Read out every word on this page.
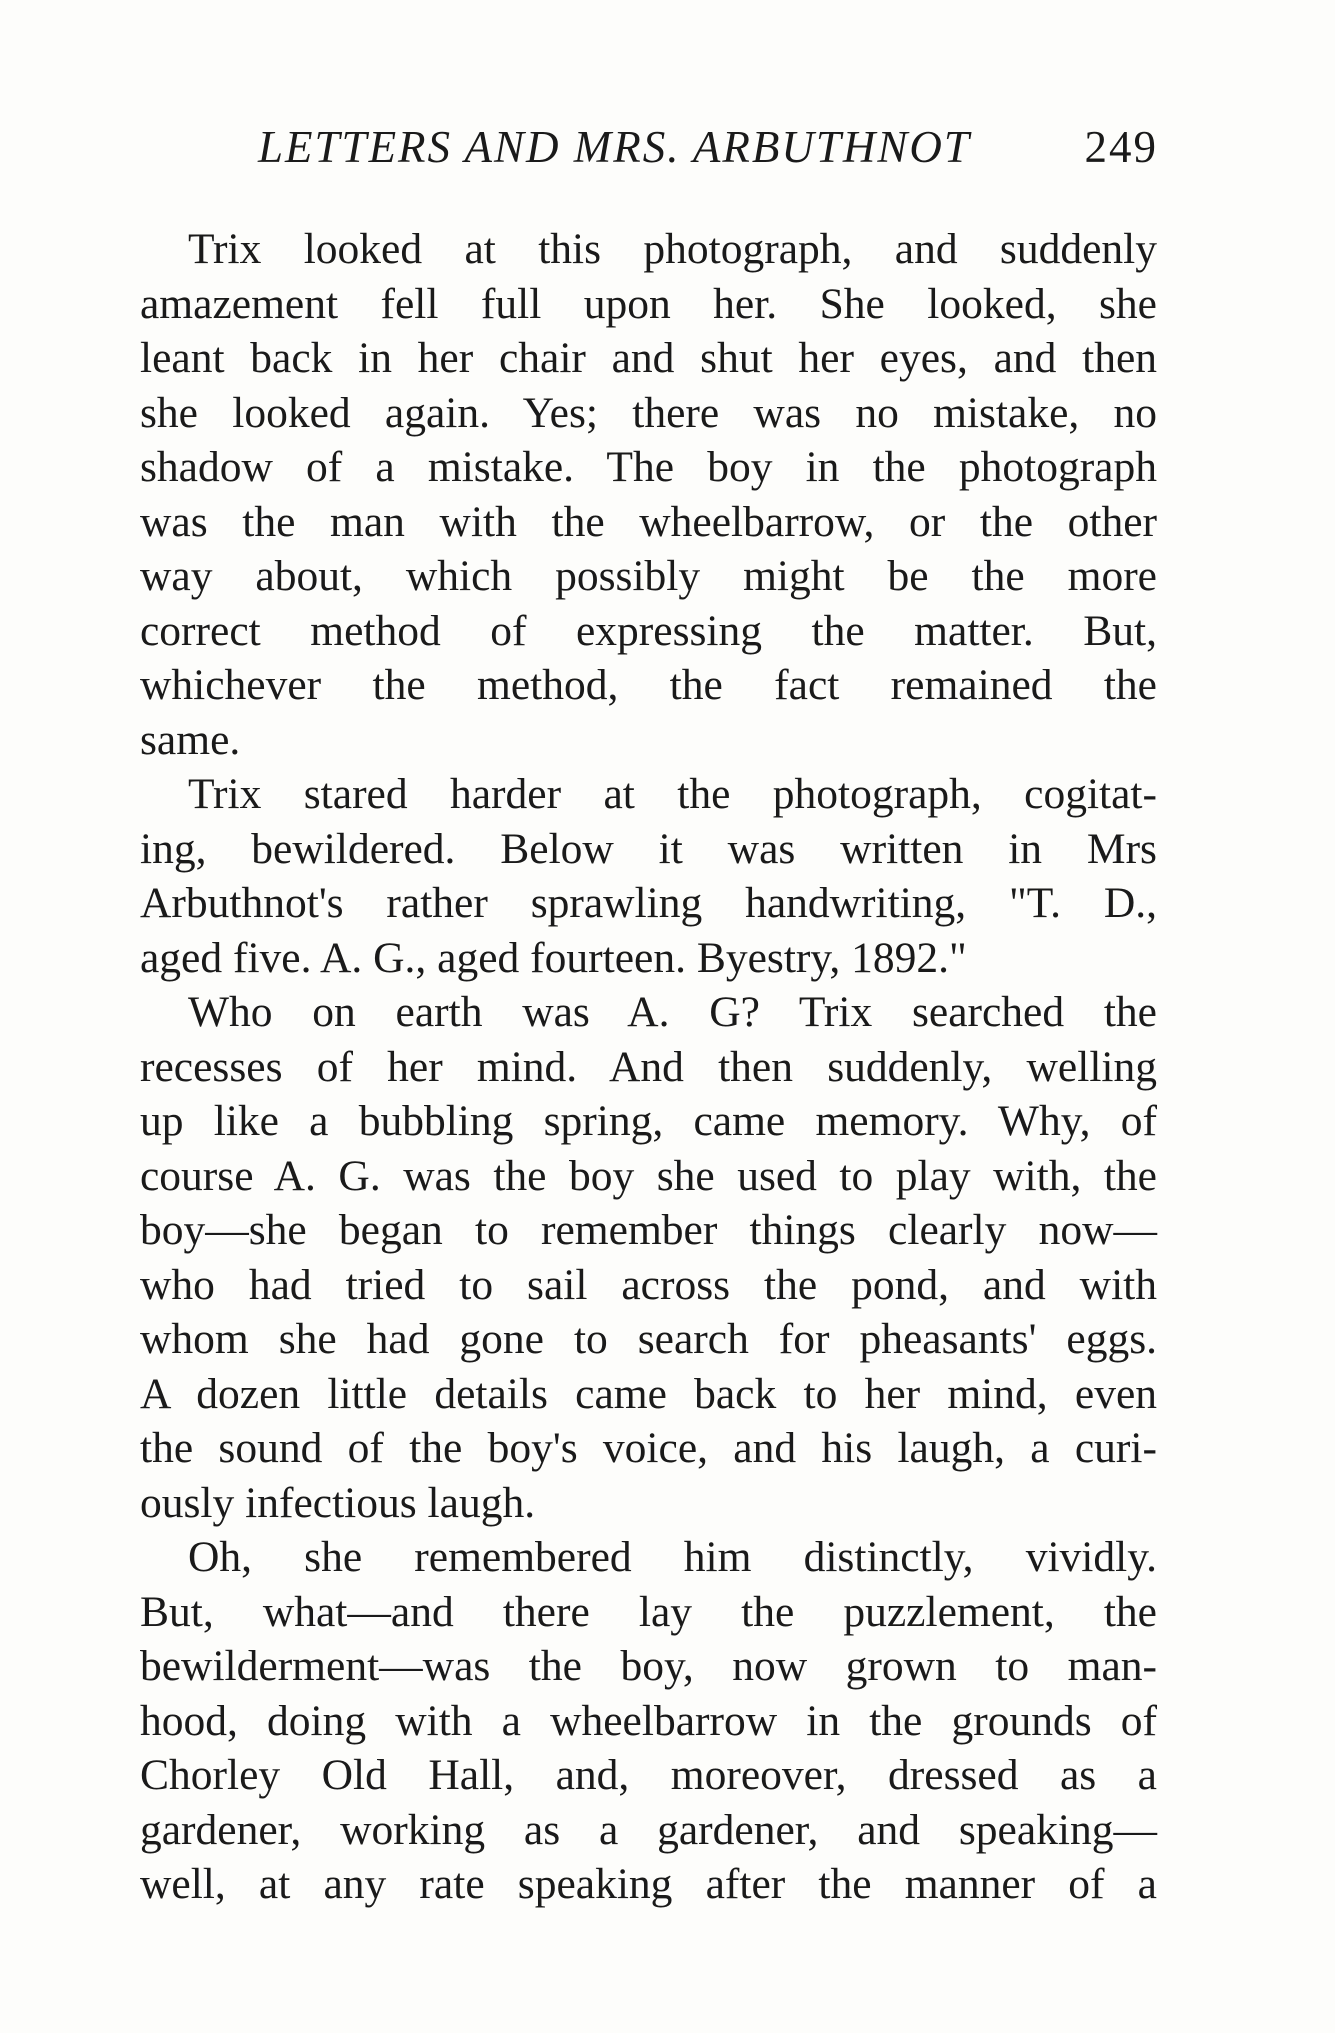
LETTERS AND MRS. ARBUTHNOT	249
Trix looked at this photograph, and suddenly
amazement fell full upon her. She looked, she
leant back in her chair and shut her eyes, and then
she looked again. Yes; there was no mistake, no
shadow of a mistake. The boy in the photograph
was the man with the wheelbarrow, or the other
way about, which possibly might be the more
correct method of expressing the matter. But,
whichever the method, the fact remained the
same.
Trix stared harder at the photograph, cogitat-
ing, bewildered. Below it was written in Mrs
Arbuthnot's rather sprawling handwriting, "T. D.,
aged five. A. G., aged fourteen. Byestry, 1892."
Who on earth was A. G? Trix searched the
recesses of her mind. And then suddenly, welling
up like a bubbling spring, came memory. Why, of
course A. G. was the boy she used to play with, the
boy—she began to remember things clearly now—
who had tried to sail across the pond, and with
whom she had gone to search for pheasants' eggs.
A dozen little details came back to her mind, even
the sound of the boy's voice, and his laugh, a curi-
ously infectious laugh.
Oh, she remembered him distinctly, vividly.
But, what—and there lay the puzzlement, the
bewilderment—was the boy, now grown to man-
hood, doing with a wheelbarrow in the grounds of
Chorley Old Hall, and, moreover, dressed as a
gardener, working as a gardener, and speaking—
well, at any rate speaking after the manner of a
